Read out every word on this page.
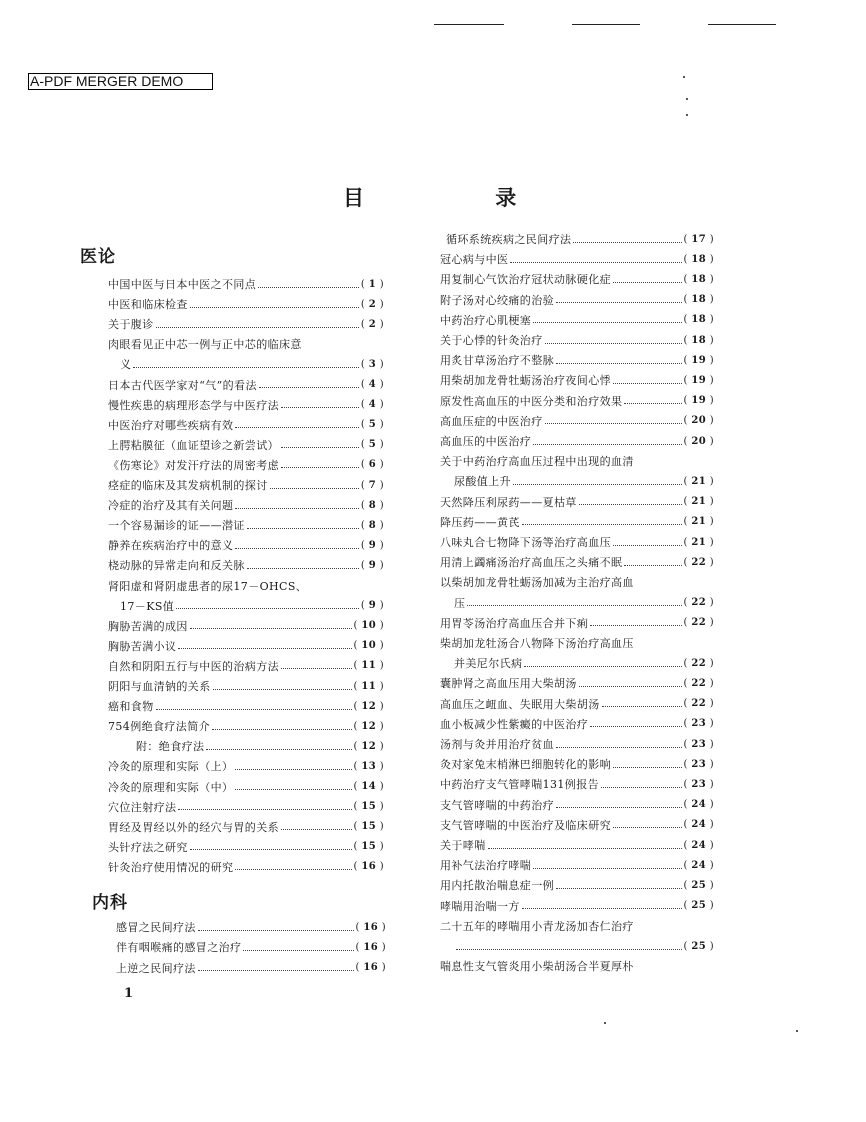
A-PDF MERGER DEMO
目 录
医论
内科
中国中医与日本中医之不同点	( 1 )
中医和临床检查	( 2 )
关于腹诊	( 2 )
肉眼看见正中芯一例与正中芯的临床意
义	( 3 )
日本古代医学家对“气”的看法	( 4 )
慢性疾患的病理形态学与中医疗法	( 4 )
中医治疗对哪些疾病有效	( 5 )
上腭粘膜征（血证望诊之新尝试）	( 5 )
《伤寒论》对发汗疗法的周密考虑	( 6 )
痉症的临床及其发病机制的探讨	( 7 )
冷症的治疗及其有关问题	( 8 )
一个容易漏诊的证——潜证	( 8 )
静养在疾病治疗中的意义	( 9 )
桡动脉的异常走向和反关脉	( 9 )
肾阳虚和肾阴虚患者的尿17－OHCS、
17－KS值	( 9 )
胸胁苦满的成因	( 10 )
胸胁苦满小议	( 10 )
自然和阴阳五行与中医的治病方法	( 11 )
阴阳与血清钠的关系	( 11 )
癌和食物	( 12 )
754例绝食疗法简介	( 12 )
附：绝食疗法	( 12 )
冷灸的原理和实际（上）	( 13 )
冷灸的原理和实际（中）	( 14 )
穴位注射疗法	( 15 )
胃经及胃经以外的经穴与胃的关系	( 15 )
头针疗法之研究	( 15 )
针灸治疗使用情况的研究	( 16 )
感冒之民间疗法	( 16 )
伴有咽喉痛的感冒之治疗	( 16 )
上逆之民间疗法	( 16 )
循环系统疾病之民间疗法	( 17 )
冠心病与中医	( 18 )
用复制心气饮治疗冠状动脉硬化症	( 18 )
附子汤对心绞痛的治验	( 18 )
中药治疗心肌梗塞	( 18 )
关于心悸的针灸治疗	( 18 )
用炙甘草汤治疗不整脉	( 19 )
用柴胡加龙骨牡蛎汤治疗夜间心悸	( 19 )
原发性高血压的中医分类和治疗效果	( 19 )
高血压症的中医治疗	( 20 )
高血压的中医治疗	( 20 )
关于中药治疗高血压过程中出现的血清
尿酸值上升	( 21 )
天然降压利尿药——夏枯草	( 21 )
降压药——黄芪	( 21 )
八味丸合七物降下汤等治疗高血压	( 21 )
用清上蠲痛汤治疗高血压之头痛不眠	( 22 )
以柴胡加龙骨牡蛎汤加减为主治疗高血
压	( 22 )
用胃苓汤治疗高血压合并下痢	( 22 )
柴胡加龙牡汤合八物降下汤治疗高血压
并美尼尔氏病	( 22 )
囊肿肾之高血压用大柴胡汤	( 22 )
高血压之衄血、失眠用大柴胡汤	( 22 )
血小板减少性紫癜的中医治疗	( 23 )
汤剂与灸并用治疗贫血	( 23 )
灸对家兔末梢淋巴细胞转化的影响	( 23 )
中药治疗支气管哮喘131例报告	( 23 )
支气管哮喘的中药治疗	( 24 )
支气管哮喘的中医治疗及临床研究	( 24 )
关于哮喘	( 24 )
用补气法治疗哮喘	( 24 )
用内托散治喘息症一例	( 25 )
哮喘用治喘一方	( 25 )
二十五年的哮喘用小青龙汤加杏仁治疗
( 25 )
喘息性支气管炎用小柴胡汤合半夏厚朴
1
